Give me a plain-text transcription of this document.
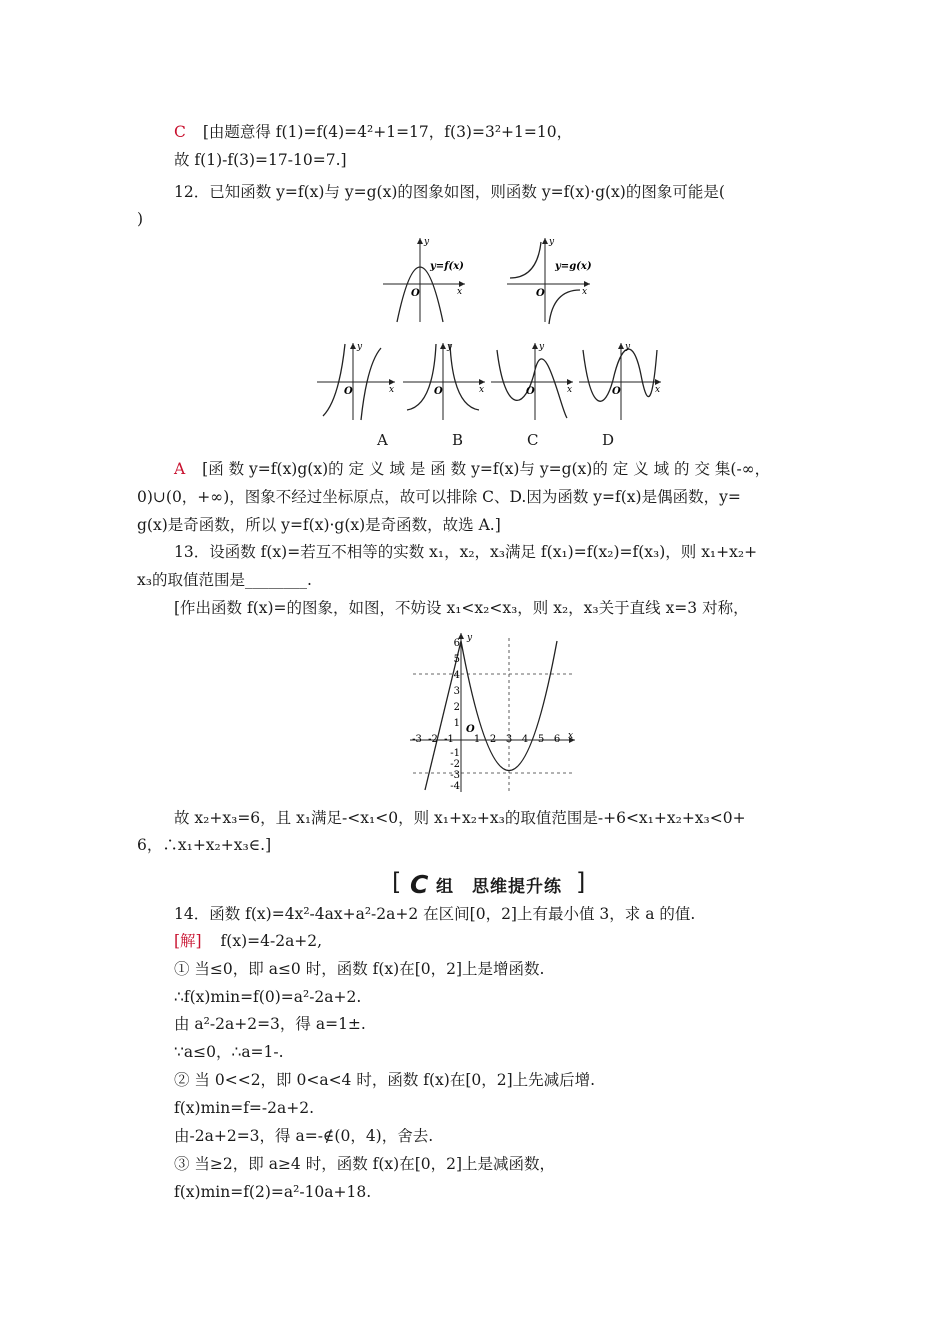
C [由题意得 f(1)=f(4)=4²+1=17，f(3)=3²+1=10，
故 f(1)-f(3)=17-10=7.]
12．已知函数 y=f(x)与 y=g(x)的图象如图，则函数 y=f(x)·g(x)的图象可能是(
)
y=f(x)
x
y
O
y=g(x)
x
y
O
y
x
O
y
x
O
y
x
O
y
x
O
A	B	C	D
A [函 数 y=f(x)g(x)的 定 义 域 是 函 数 y=f(x)与 y=g(x)的 定 义 域 的 交 集(-∞，
0)∪(0，+∞)，图象不经过坐标原点，故可以排除 C、D.因为函数 y=f(x)是偶函数，y=
g(x)是奇函数，所以 y=f(x)·g(x)是奇函数，故选 A.]
13．设函数 f(x)=若互不相等的实数 x₁，x₂，x₃满足 f(x₁)=f(x₂)=f(x₃)，则 x₁+x₂+
x₃的取值范围是________.
[作出函数 f(x)=的图象，如图，不妨设 x₁<x₂<x₃，则 x₂，x₃关于直线 x=3 对称，
y
x
O
6
5
4
3
2
1
-1
-2
-3
-4
-3 -2 -1 1 2 3 4 5 6
故 x₂+x₃=6，且 x₁满足-<x₁<0，则 x₁+x₂+x₃的取值范围是-+6<x₁+x₂+x₃<0+
6，∴x₁+x₂+x₃∈.]
[ C 组　思维提升练 ]
14．函数 f(x)=4x²-4ax+a²-2a+2 在区间[0，2]上有最小值 3，求 a 的值.
[解] f(x)=4-2a+2,
① 当≤0，即 a≤0 时，函数 f(x)在[0，2]上是增函数.
∴f(x)min=f(0)=a²-2a+2.
由 a²-2a+2=3，得 a=1±.
∵a≤0，∴a=1-.
② 当 0<<2，即 0<a<4 时，函数 f(x)在[0，2]上先减后增.
f(x)min=f=-2a+2.
由-2a+2=3，得 a=-∉(0，4)，舍去.
③ 当≥2，即 a≥4 时，函数 f(x)在[0，2]上是减函数，
f(x)min=f(2)=a²-10a+18.
